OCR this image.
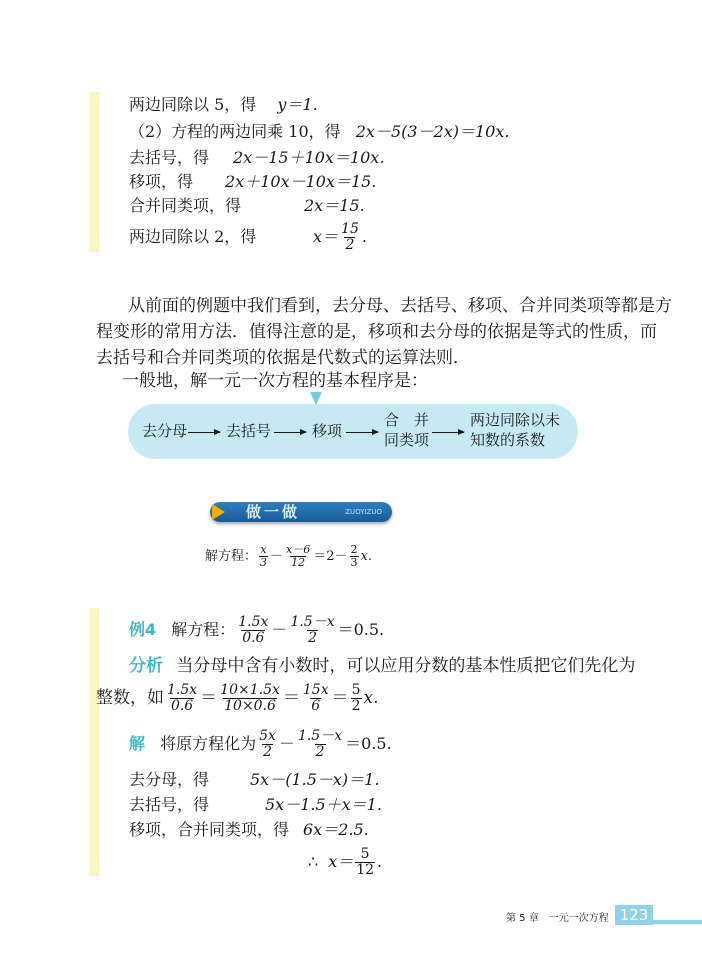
两边同除以 5，得 y＝1.
（2）方程的两边同乘 10，得 2x－5(3－2x)＝10x.
去括号，得 2x－15＋10x＝10x.
移项，得 2x＋10x－10x＝15.
合并同类项，得	2x＝15.
两边同除以 2，得	$x= \frac{15}{2}$ .
从前面的例题中我们看到，去分母、去括号、移项、合并同类项等都是方
程变形的常用方法．值得注意的是，移项和去分母的依据是等式的性质，而
去括号和合并同类项的依据是代数式的运算法则．
一般地，解一元一次方程的基本程序是：
去分母	去括号	移项
合　并
同类项
两边同除以未
知数的系数
做一做	ZUOYIZUO
解方程： $\frac{x}{3} - \frac{x-6}{12} =2- \frac{2}{3} x$.
例4 解方程： $\frac{1.5x}{0.6} - \frac{1.5-x}{2} =0.5$.
分析 当分母中含有小数时，可以应用分数的基本性质把它们先化为
整数，如 $\frac{1.5x}{0.6} = \frac{10\times 1.5x}{10\times 0.6} = \frac{15x}{6} = \frac{5}{2} x$.
解 将原方程化为 $\frac{5x}{2} - \frac{1.5-x}{2} =0.5$.
去分母，得	5x－(1.5－x)＝1.
去括号，得	5x－1.5＋x＝1.
移项，合并同类项，得 6x＝2.5.
∴ $x= \frac{5}{12}$ .
第 5 章　一元一次方程 123
